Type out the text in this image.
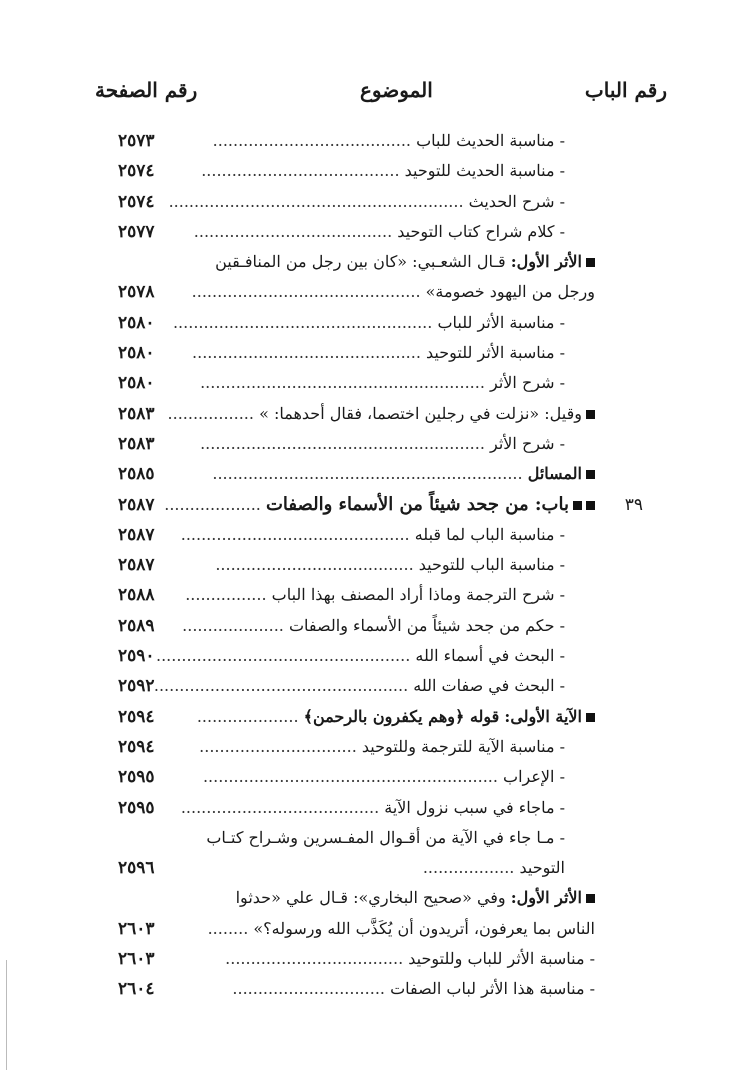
رقم الباب
الموضوع
رقم الصفحة
- مناسبة الحديث للباب .......................................
٢٥٧٣
- مناسبة الحديث للتوحيد .......................................
٢٥٧٤
- شرح الحديث ..........................................................
٢٥٧٤
- كلام شراح كتاب التوحيد .......................................
٢٥٧٧
الأثر الأول: قـال الشعـبي: «كان بين رجل من المنافـقين
ورجل من اليهود خصومة» .............................................
٢٥٧٨
- مناسبة الأثر للباب ...................................................
٢٥٨٠
- مناسبة الأثر للتوحيد .............................................
٢٥٨٠
- شرح الأثر ........................................................
٢٥٨٠
وقيل: «نزلت في رجلين اختصما، فقال أحدهما: » .................
٢٥٨٣
- شرح الأثر ........................................................
٢٥٨٣
المسائل .............................................................
٢٥٨٥
٣٩
باب: من جحد شيئاً من الأسماء والصفات ...................
٢٥٨٧
- مناسبة الباب لما قبله .............................................
٢٥٨٧
- مناسبة الباب للتوحيد .......................................
٢٥٨٧
- شرح الترجمة وماذا أراد المصنف بهذا الباب ................
٢٥٨٨
- حكم من جحد شيئاً من الأسماء والصفات ....................
٢٥٨٩
- البحث في أسماء الله ..................................................
٢٥٩٠
- البحث في صفات الله ..................................................
٢٥٩٢
الآية الأولى: قوله ﴿وهم يكفرون بالرحمن﴾ ....................
٢٥٩٤
- مناسبة الآية للترجمة وللتوحيد ...............................
٢٥٩٤
- الإعراب ..........................................................
٢٥٩٥
- ماجاء في سبب نزول الآية .......................................
٢٥٩٥
- مـا جاء في الآية من أقـوال المفـسرين وشـراح كتـاب
التوحيد ..................
٢٥٩٦
الأثر الأول: وفي «صحيح البخاري»: قـال علي «حدثوا
الناس بما يعرفون، أتريدون أن يُكَذَّب الله ورسوله؟» ........
٢٦٠٣
- مناسبة الأثر للباب وللتوحيد ...................................
٢٦٠٣
- مناسبة هذا الأثر لباب الصفات ..............................
٢٦٠٤
